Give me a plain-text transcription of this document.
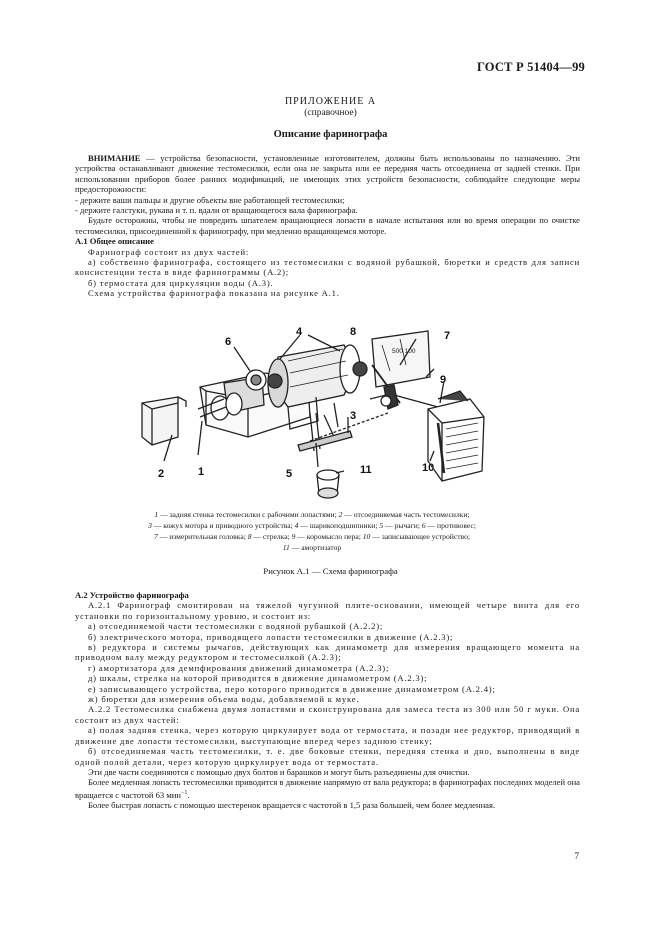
ГОСТ Р 51404—99
ПРИЛОЖЕНИЕ А
(справочное)
Описание фаринографа

ВНИМАНИЕ — устройства безопасности, установленные изготовителем, должны быть использованы по назначению. Эти устройства останавливают движение тестомесилки, если она не закрыта или ее передняя часть отсоединена от задней стенки. При использовании приборов более ранних модификаций, не имеющих этих устройств безопасности, соблюдайте следующие меры предосторожности:

- держите ваши пальцы и другие объекты вне работающей тестомесилки;

- держите галстуки, рукава и т. п. вдали от вращающегося вала фаринографа.

Будьте осторожны, чтобы не повредить шпателем вращающиеся лопасти в начале испытания или во время операции по очистке тестомесилки, присоединенной к фаринографу, при медленно вращающемся моторе.

А.1 Общее описание

Фаринограф состоит из двух частей:

а) собственно фаринографа, состоящего из тестомесилки с водяной рубашкой, бюретки и средств для записи консистенции теста в виде фаринограммы (А.2);

б) термостата для циркуляции воды (А.3).

Схема устройства фаринографа показана на рисунке А.1.

500 100
6
4	8	7
9
3
2	1	5	11	10
1 — задняя стенка тестомесилки с рабочими лопастями; 2 — отсоединяемая часть тестомесилки;
3 — кожух мотора и приводного устройства; 4 — шарикоподшипники; 5 — рычаги; 6 — противовес;
7 — измерительная головка; 8 — стрелка; 9 — коромысло пера; 10 — записывающее устройство;
11 — амортизатор
Рисунок А.1 — Схема фаринографа

А.2 Устройство фаринографа

А.2.1 Фаринограф смонтирован на тяжелой чугунной плите-основании, имеющей четыре винта для его установки по горизонтальному уровню, и состоит из:

а) отсоединяемой части тестомесилки с водяной рубашкой (А.2.2);

б) электрического мотора, приводящего лопасти тестомесилки в движение (А.2.3);

в) редуктора и системы рычагов, действующих как динамометр для измерения вращающего момента на приводном валу между редуктором и тестомесилкой (А.2.3);

г) амортизатора для демпфирования движений динамометра (А.2.3);

д) шкалы, стрелка на которой приводится в движение динамометром (А.2.3);

е) записывающего устройства, перо которого приводится в движение динамометром (А.2.4);

ж) бюретки для измерения объема воды, добавляемой к муке.

А.2.2 Тестомесилка снабжена двумя лопастями и сконструирована для замеса теста из 300 или 50 г муки. Она состоит из двух частей:

а) полая задняя стенка, через которую циркулирует вода от термостата, и позади нее редуктор, приводящий в движение две лопасти тестомесилки, выступающие вперед через заднюю стенку;

б) отсоединяемая часть тестомесилки, т. е. две боковые стенки, передняя стенка и дно, выполнены в виде одной полой детали, через которую циркулирует вода от термостата.

Эти две части соединяются с помощью двух болтов и барашков и могут быть разъединены для очистки.

Более медленная лопасть тестомесилки приводится в движение напрямую от вала редуктора; в фаринографах последних моделей она вращается с частотой 63 мин$^{-1}$.

Более быстрая лопасть с помощью шестеренок вращается с частотой в 1,5 раза большей, чем более медленная.

7
